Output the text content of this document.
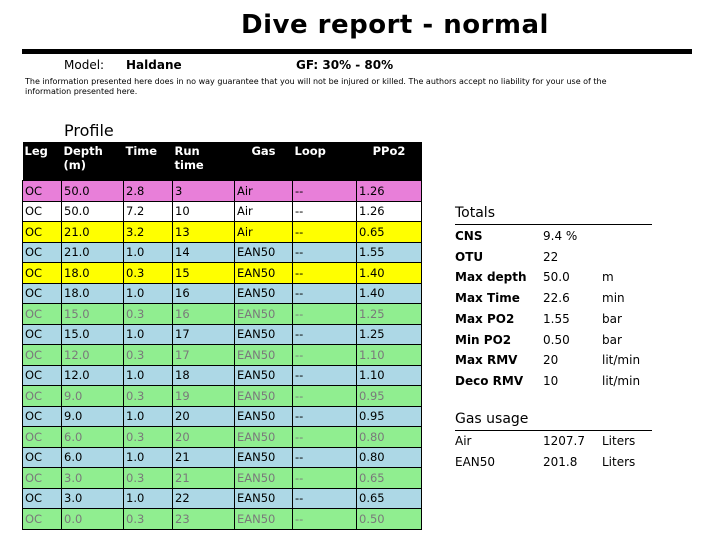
Dive report - normal
Model: Haldane	GF: 30% - 80%
The information presented here does in no way guarantee that you will not be injured or killed. The authors accept no liability for your use of the information presented here.
Profile
Leg	Depth (m)	Time	Run time	Gas	Loop	PPo2
OC	50.0	2.8	3	Air	--	1.26
OC	50.0	7.2	10	Air	--	1.26
OC	21.0	3.2	13	Air	--	0.65
OC	21.0	1.0	14	EAN50	--	1.55
OC	18.0	0.3	15	EAN50	--	1.40
OC	18.0	1.0	16	EAN50	--	1.40
OC	15.0	0.3	16	EAN50	--	1.25
OC	15.0	1.0	17	EAN50	--	1.25
OC	12.0	0.3	17	EAN50	--	1.10
OC	12.0	1.0	18	EAN50	--	1.10
OC	9.0	0.3	19	EAN50	--	0.95
OC	9.0	1.0	20	EAN50	--	0.95
OC	6.0	0.3	20	EAN50	--	0.80
OC	6.0	1.0	21	EAN50	--	0.80
OC	3.0	0.3	21	EAN50	--	0.65
OC	3.0	1.0	22	EAN50	--	0.65
OC	0.0	0.3	23	EAN50	--	0.50
Totals
CNS	9.4 %
OTU	22
Max depth 50.0	m
Max Time 22.6	min
Max PO2 1.55	bar
Min PO2	0.50	bar
Max RMV 20	lit/min
Deco RMV 10	lit/min
Gas usage
Air	1207.7 Liters
EAN50	201.8 Liters
